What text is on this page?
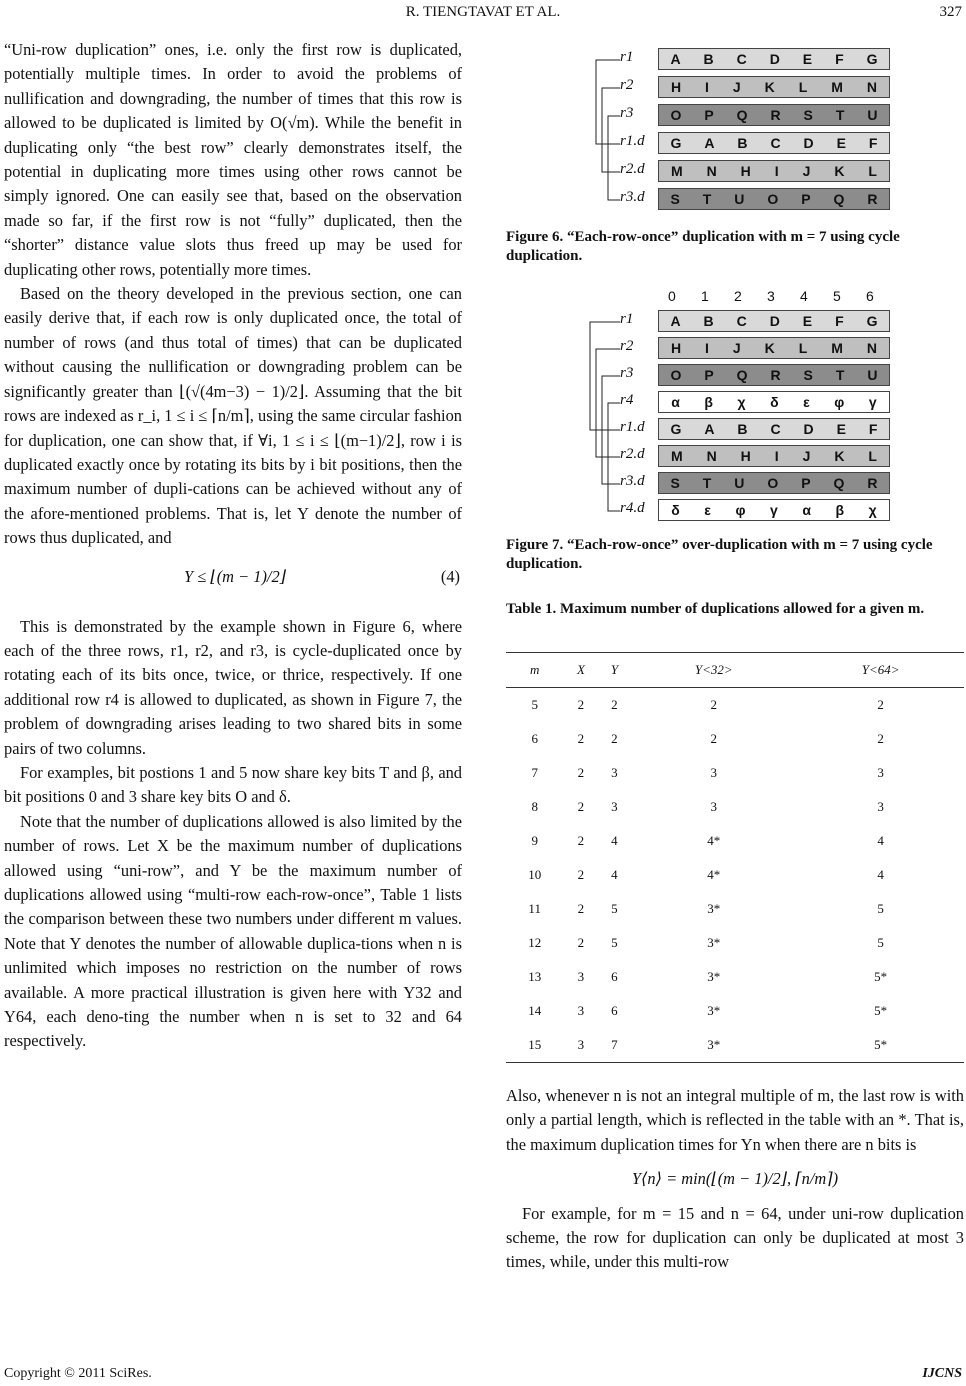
R. TIENGTAVAT ET AL.	327

“Uni-row duplication” ones, i.e. only the first row is duplicated, potentially multiple times. In order to avoid the problems of nullification and downgrading, the number of times that this row is allowed to be duplicated is limited by O(√m). While the benefit in duplicating only “the best row” clearly demonstrates itself, the potential in duplicating more times using other rows cannot be simply ignored. One can easily see that, based on the observation made so far, if the first row is not “fully” duplicated, then the “shorter” distance value slots thus freed up may be used for duplicating other rows, potentially more times.

Based on the theory developed in the previous section, one can easily derive that, if each row is only duplicated once, the total of number of rows (and thus total of times) that can be duplicated without causing the nullification or downgrading problem can be significantly greater than ⌊(√(4m−3) − 1)/2⌋. Assuming that the bit rows are indexed as r_i, 1 ≤ i ≤ ⌈n/m⌉, using the same circular fashion for duplication, one can show that, if ∀i, 1 ≤ i ≤ ⌊(m−1)/2⌋, row i is duplicated exactly once by rotating its bits by i bit positions, then the maximum number of dupli-cations can be achieved without any of the afore-mentioned problems. That is, let Y denote the number of rows thus duplicated, and

Y ≤ ⌊(m − 1)/2⌋	(4)

This is demonstrated by the example shown in Figure 6, where each of the three rows, r1, r2, and r3, is cycle-duplicated once by rotating each of its bits once, twice, or thrice, respectively. If one additional row r4 is allowed to duplicated, as shown in Figure 7, the problem of downgrading arises leading to two shared bits in some pairs of two columns.

For examples, bit postions 1 and 5 now share key bits T and β, and bit positions 0 and 3 share key bits O and δ.

Note that the number of duplications allowed is also limited by the number of rows. Let X be the maximum number of duplications allowed using “uni-row”, and Y be the maximum number of duplications allowed using “multi-row each-row-once”, Table 1 lists the comparison between these two numbers under different m values. Note that Y denotes the number of allowable duplica-tions when n is unlimited which imposes no restriction on the number of rows available. A more practical illustration is given here with Y32 and Y64, each deno-ting the number when n is set to 32 and 64 respectively.

r1	A B C D E F G
r2	H I J K L M N
r3	O P Q R S T U
r1.d G A B C D E F
r2.d M N H I J K L
r3.d S T U O P Q R
Figure 6. “Each-row-once” duplication with m = 7 using cycle duplication.
0 1 2 3 4 5 6
r1	A B C D E F G
r2	H I J K L M N
r3	O P Q R S T U
r4	α β χ δ ε φ γ
r1.d G A B C D E F
r2.d M N H I J K L
r3.d S T U O P Q R
r4.d δ ε φ γ α β χ
Figure 7. “Each-row-once” over-duplication with m = 7 using cycle duplication.
Table 1. Maximum number of duplications allowed for a given m.
m	X	Y	Y<32>	Y<64>
5	2	2	2	2
6	2	2	2	2
7	2	3	3	3
8	2	3	3	3
9	2	4	4*	4
10	2	4	4*	4
11	2	5	3*	5
12	2	5	3*	5
13	3	6	3*	5*
14	3	6	3*	5*
15	3	7	3*	5*

Also, whenever n is not an integral multiple of m, the last row is with only a partial length, which is reflected in the table with an *. That is, the maximum duplication times for Yn when there are n bits is

Y⟨n⟩ = min(⌊(m − 1)/2⌋, ⌈n/m⌉)

For example, for m = 15 and n = 64, under uni-row duplication scheme, the row for duplication can only be duplicated at most 3 times, while, under this multi-row

Copyright © 2011 SciRes.	IJCNS
